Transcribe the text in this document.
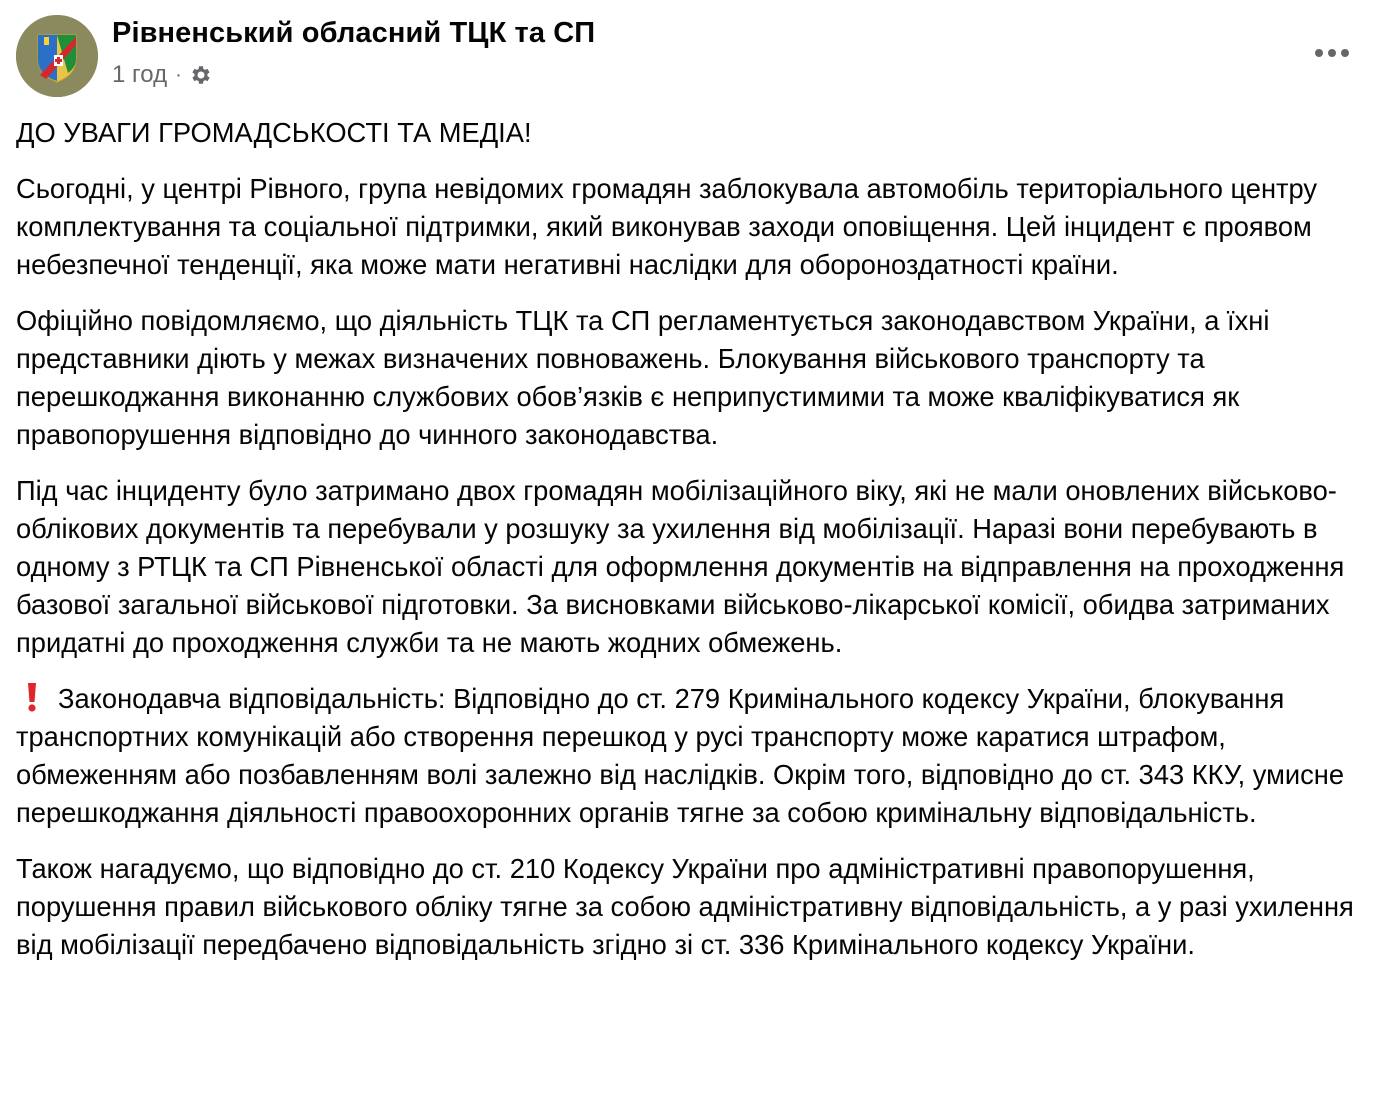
Рівненський обласний ТЦК та СП
1 год ·

ДО УВАГИ ГРОМАДСЬКОСТІ ТА МЕДІА!

Сьогодні, у центрі Рівного, група невідомих громадян заблокувала автомобіль територіального центру комплектування та соціальної підтримки, який виконував заходи оповіщення. Цей інцидент є проявом небезпечної тенденції, яка може мати негативні наслідки для обороноздатності країни.

Офіційно повідомляємо, що діяльність ТЦК та СП регламентується законодавством України, а їхні представники діють у межах визначених повноважень. Блокування військового транспорту та перешкоджання виконанню службових обов’язків є неприпустимими та може кваліфікуватися як правопорушення відповідно до чинного законодавства.

Під час інциденту було затримано двох громадян мобілізаційного віку, які не мали оновлених військово-облікових документів та перебували у розшуку за ухилення від мобілізації. Наразі вони перебувають в одному з РТЦК та СП Рівненської області для оформлення документів на відправлення на проходження базової загальної військової підготовки. За висновками військово-лікарської комісії, обидва затриманих придатні до проходження служби та не мають жодних обмежень.

Законодавча відповідальність: Відповідно до ст. 279 Кримінального кодексу України, блокування транспортних комунікацій або створення перешкод у русі транспорту може каратися штрафом, обмеженням або позбавленням волі залежно від наслідків. Окрім того, відповідно до ст. 343 ККУ, умисне перешкоджання діяльності правоохоронних органів тягне за собою кримінальну відповідальність.

Також нагадуємо, що відповідно до ст. 210 Кодексу України про адміністративні правопорушення, порушення правил військового обліку тягне за собою адміністративну відповідальність, а у разі ухилення від мобілізації передбачено відповідальність згідно зі ст. 336 Кримінального кодексу України.
